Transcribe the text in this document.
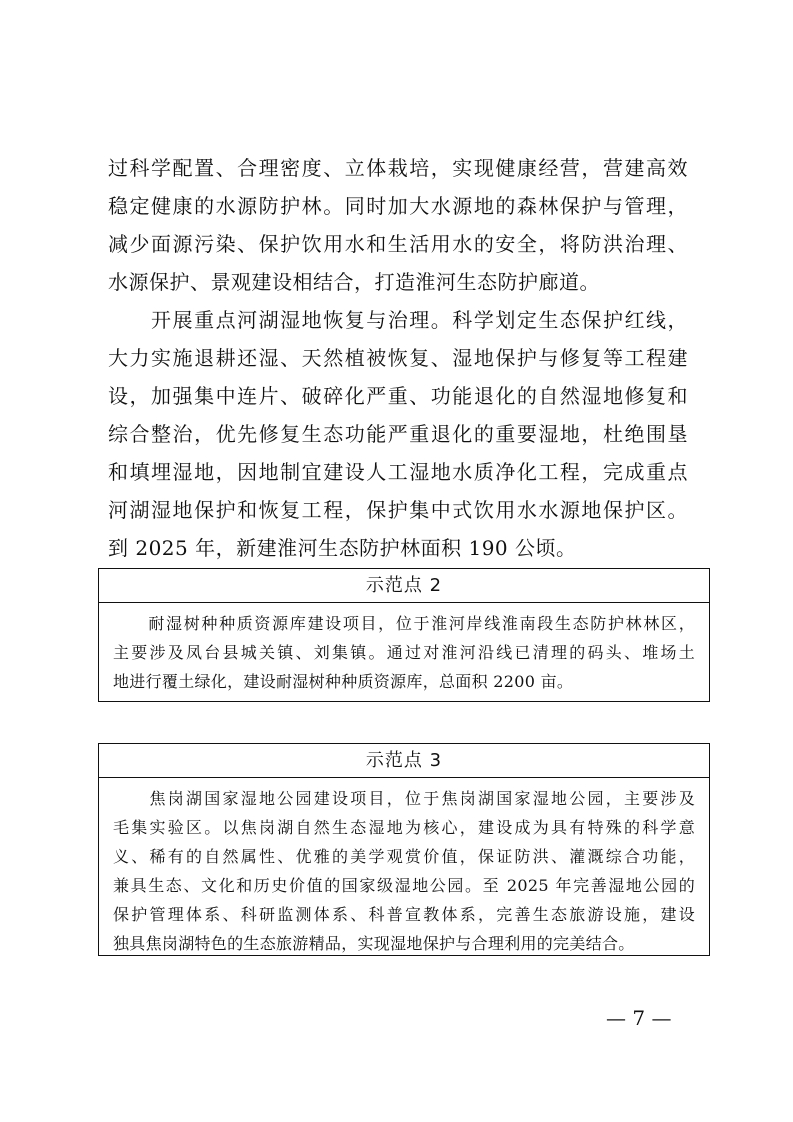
过科学配置、合理密度、立体栽培，实现健康经营，营建高效
稳定健康的水源防护林。同时加大水源地的森林保护与管理，
减少面源污染、保护饮用水和生活用水的安全，将防洪治理、
水源保护、景观建设相结合，打造淮河生态防护廊道。
　　开展重点河湖湿地恢复与治理。科学划定生态保护红线，
大力实施退耕还湿、天然植被恢复、湿地保护与修复等工程建
设，加强集中连片、破碎化严重、功能退化的自然湿地修复和
综合整治，优先修复生态功能严重退化的重要湿地，杜绝围垦
和填埋湿地，因地制宜建设人工湿地水质净化工程，完成重点
河湖湿地保护和恢复工程，保护集中式饮用水水源地保护区。
到 2025 年，新建淮河生态防护林面积 190 公顷。
示范点 2
　　耐湿树种种质资源库建设项目，位于淮河岸线淮南段生态防护林林区，
主要涉及凤台县城关镇、刘集镇。通过对淮河沿线已清理的码头、堆场土
地进行覆土绿化，建设耐湿树种种质资源库，总面积 2200 亩。
示范点 3
　　焦岗湖国家湿地公园建设项目，位于焦岗湖国家湿地公园，主要涉及
毛集实验区。以焦岗湖自然生态湿地为核心，建设成为具有特殊的科学意
义、稀有的自然属性、优雅的美学观赏价值，保证防洪、灌溉综合功能，
兼具生态、文化和历史价值的国家级湿地公园。至 2025 年完善湿地公园的
保护管理体系、科研监测体系、科普宣教体系，完善生态旅游设施，建设
独具焦岗湖特色的生态旅游精品，实现湿地保护与合理利用的完美结合。
— 7 —
